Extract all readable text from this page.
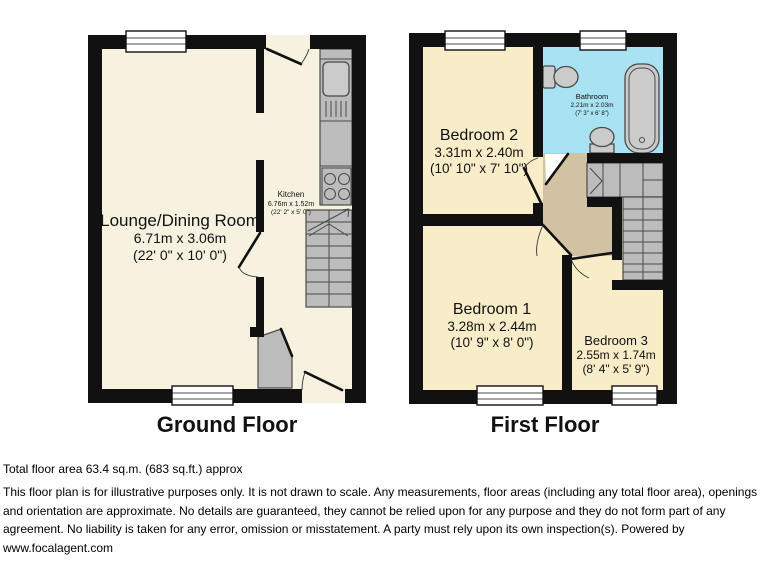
Lounge/Dining Room
6.71m x 3.06m
(22' 0" x 10' 0")
Kitchen
6.76m x 1.52m
(22' 2" x 5' 0")
Ground Floor
Bedroom 2
3.31m x 2.40m
(10' 10" x 7' 10")
Bathroom
2.21m x 2.03m
(7' 3" x 6' 8")
Bedroom 1
3.28m x 2.44m
(10' 9" x 8' 0")	Bedroom 3
2.55m x 1.74m
(8' 4" x 5' 9")
First Floor
Total floor area 63.4 sq.m. (683 sq.ft.) approx
This floor plan is for illustrative purposes only. It is not drawn to scale. Any measurements, floor areas (including any total floor area), openings and orientation are approximate. No details are guaranteed, they cannot be relied upon for any purpose and they do not form part of any agreement. No liability is taken for any error, omission or misstatement. A party must rely upon its own inspection(s). Powered by www.focalagent.com
